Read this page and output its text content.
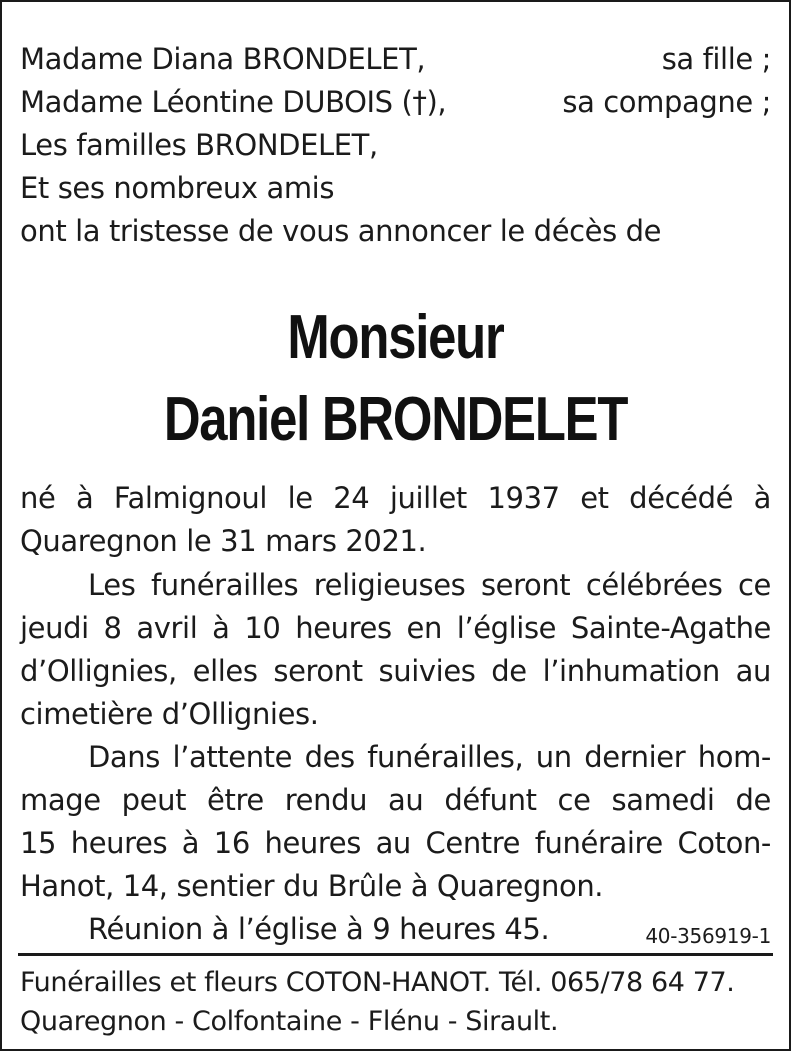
Madame Diana BRONDELET,	sa fille ;
Madame Léontine DUBOIS (†),	sa compagne ;
Les familles BRONDELET,
Et ses nombreux amis
ont la tristesse de vous annoncer le décès de
Monsieur
Daniel BRONDELET
né à Falmignoul le 24 juillet 1937 et décédé à
Quaregnon le 31 mars 2021.
Les funérailles religieuses seront célébrées ce
jeudi 8 avril à 10 heures en l’église Sainte-Agathe
d’Ollignies, elles seront suivies de l’inhumation au
cimetière d’Ollignies.
Dans l’attente des funérailles, un dernier hom-
mage peut être rendu au défunt ce samedi de
15 heures à 16 heures au Centre funéraire Coton-
Hanot, 14, sentier du Brûle à Quaregnon.
Réunion à l’église à 9 heures 45.	40-356919-1
Funérailles et fleurs COTON-HANOT. Tél. 065/78 64 77.
Quaregnon - Colfontaine - Flénu - Sirault.
